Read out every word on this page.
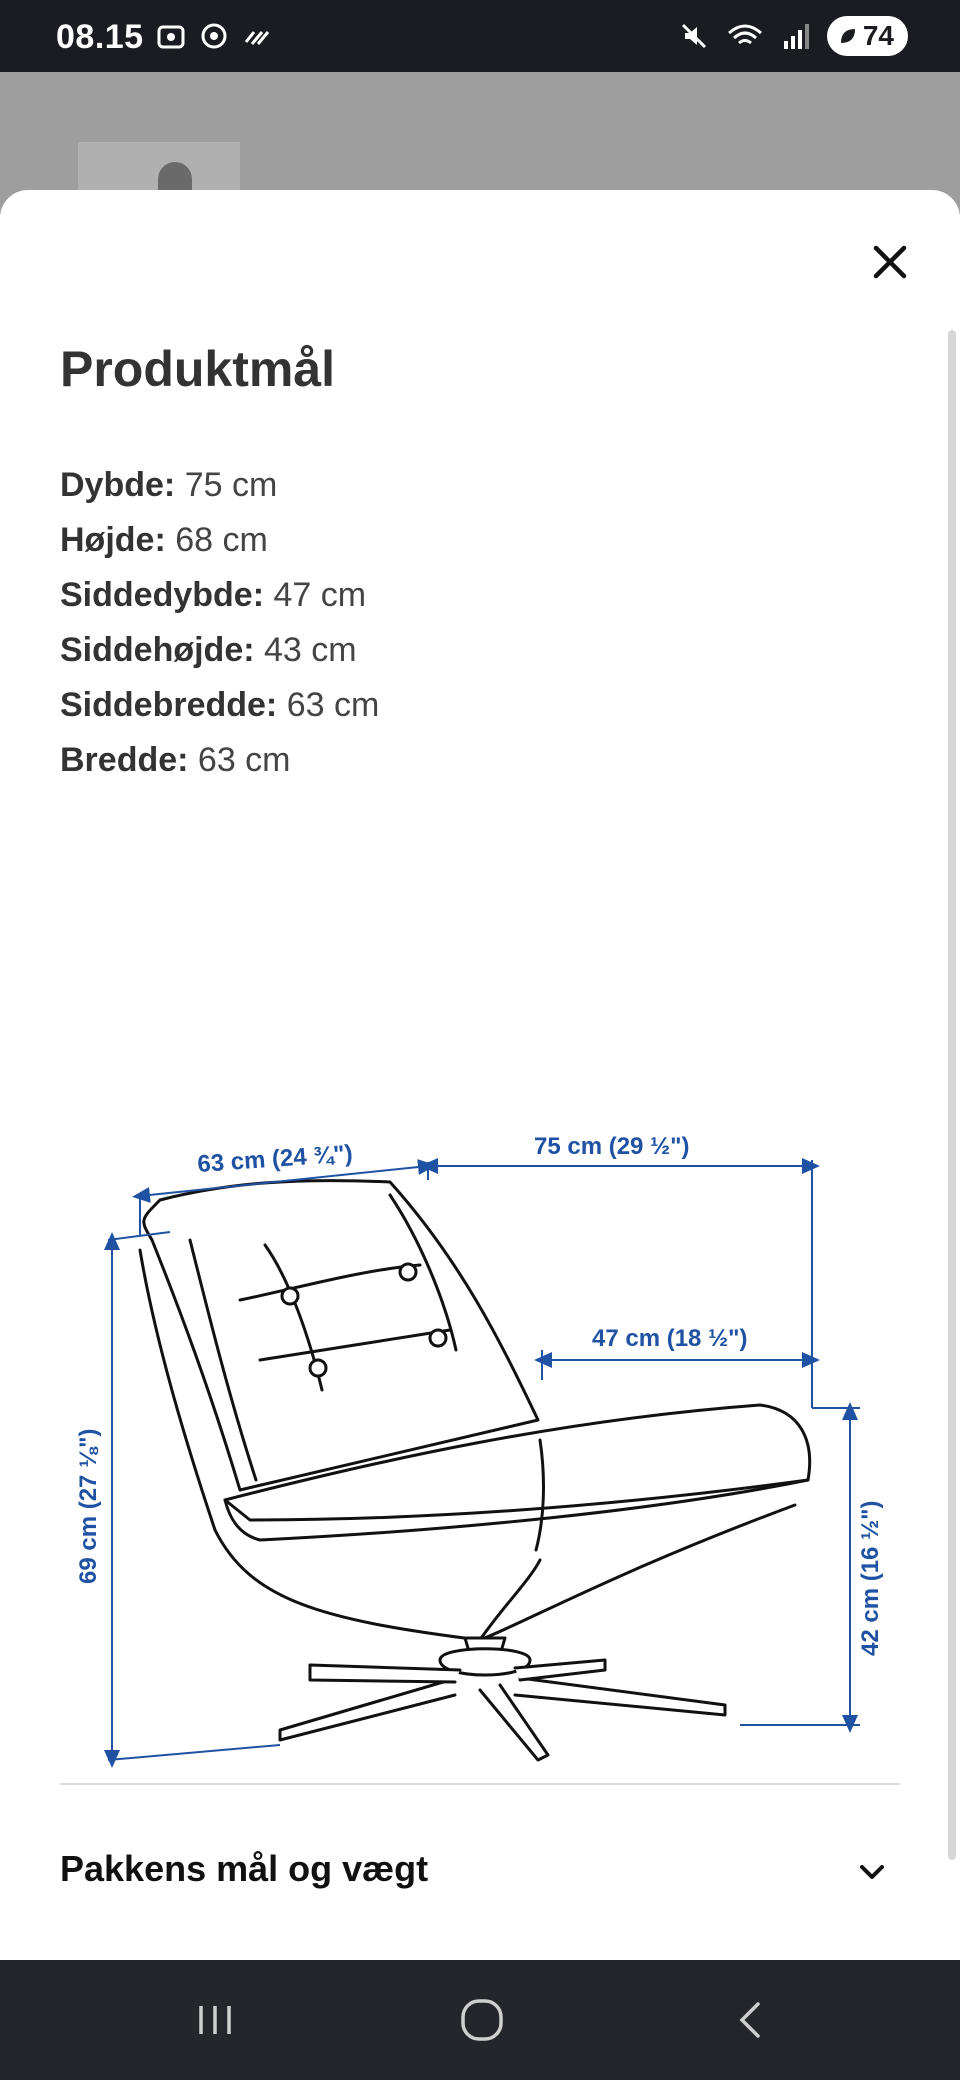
08.15	74
Produktmål
Dybde: 75 cm
Højde: 68 cm
Siddedybde: 47 cm
Siddehøjde: 43 cm
Siddebredde: 63 cm
Bredde: 63 cm
63 cm (24 ¾")	75 cm (29 ½")
47 cm (18 ½")
69 cm (27 ⅛")	42 cm (16 ½")
Pakkens mål og vægt
